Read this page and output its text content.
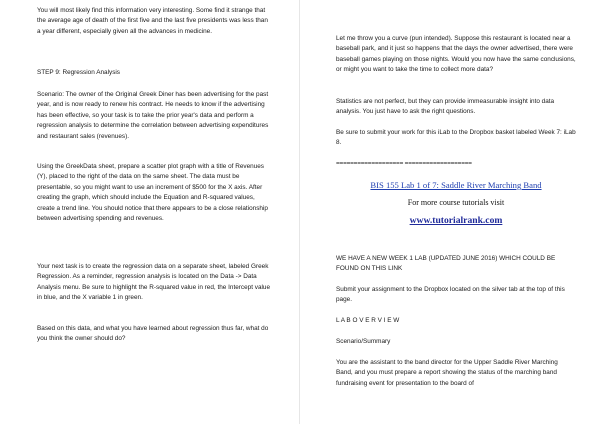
You will most likely find this information very interesting. Some find it strange that the average age of death of the first five and the last five presidents was less than a year different, especially given all the advances in medicine.

STEP 9: Regression Analysis

Scenario: The owner of the Original Greek Diner has been advertising for the past year, and is now ready to renew his contract. He needs to know if the advertising has been effective, so your task is to take the prior year's data and perform a regression analysis to determine the correlation between advertising expenditures and restaurant sales (revenues).

Using the GreekData sheet, prepare a scatter plot graph with a title of Revenues (Y), placed to the right of the data on the same sheet. The data must be presentable, so you might want to use an increment of $500 for the X axis. After creating the graph, which should include the Equation and R-squared values, create a trend line. You should notice that there appears to be a close relationship between advertising spending and revenues.

Your next task is to create the regression data on a separate sheet, labeled Greek Regression. As a reminder, regression analysis is located on the Data -> Data Analysis menu. Be sure to highlight the R-squared value in red, the Intercept value in blue, and the X variable 1 in green.

Based on this data, and what you have learned about regression thus far, what do you think the owner should do?

Let me throw you a curve (pun intended). Suppose this restaurant is located near a baseball park, and it just so happens that the days the owner advertised, there were baseball games playing on those nights. Would you now have the same conclusions, or might you want to take the time to collect more data?

Statistics are not perfect, but they can provide immeasurable insight into data analysis. You just have to ask the right questions.

Be sure to submit your work for this iLab to the Dropbox basket labeled Week 7: iLab 8.

=================== ===================

BIS 155 Lab 1 of 7: Saddle River Marching Band

For more course tutorials visit

www.tutorialrank.com

WE HAVE A NEW WEEK 1 LAB (UPDATED JUNE 2016) WHICH COULD BE FOUND ON THIS LINK

Submit your assignment to the Dropbox located on the silver tab at the top of this page.

L A B O V E R V I E W

Scenario/Summary

You are the assistant to the band director for the Upper Saddle River Marching Band, and you must prepare a report showing the status of the marching band fundraising event for presentation to the board of
